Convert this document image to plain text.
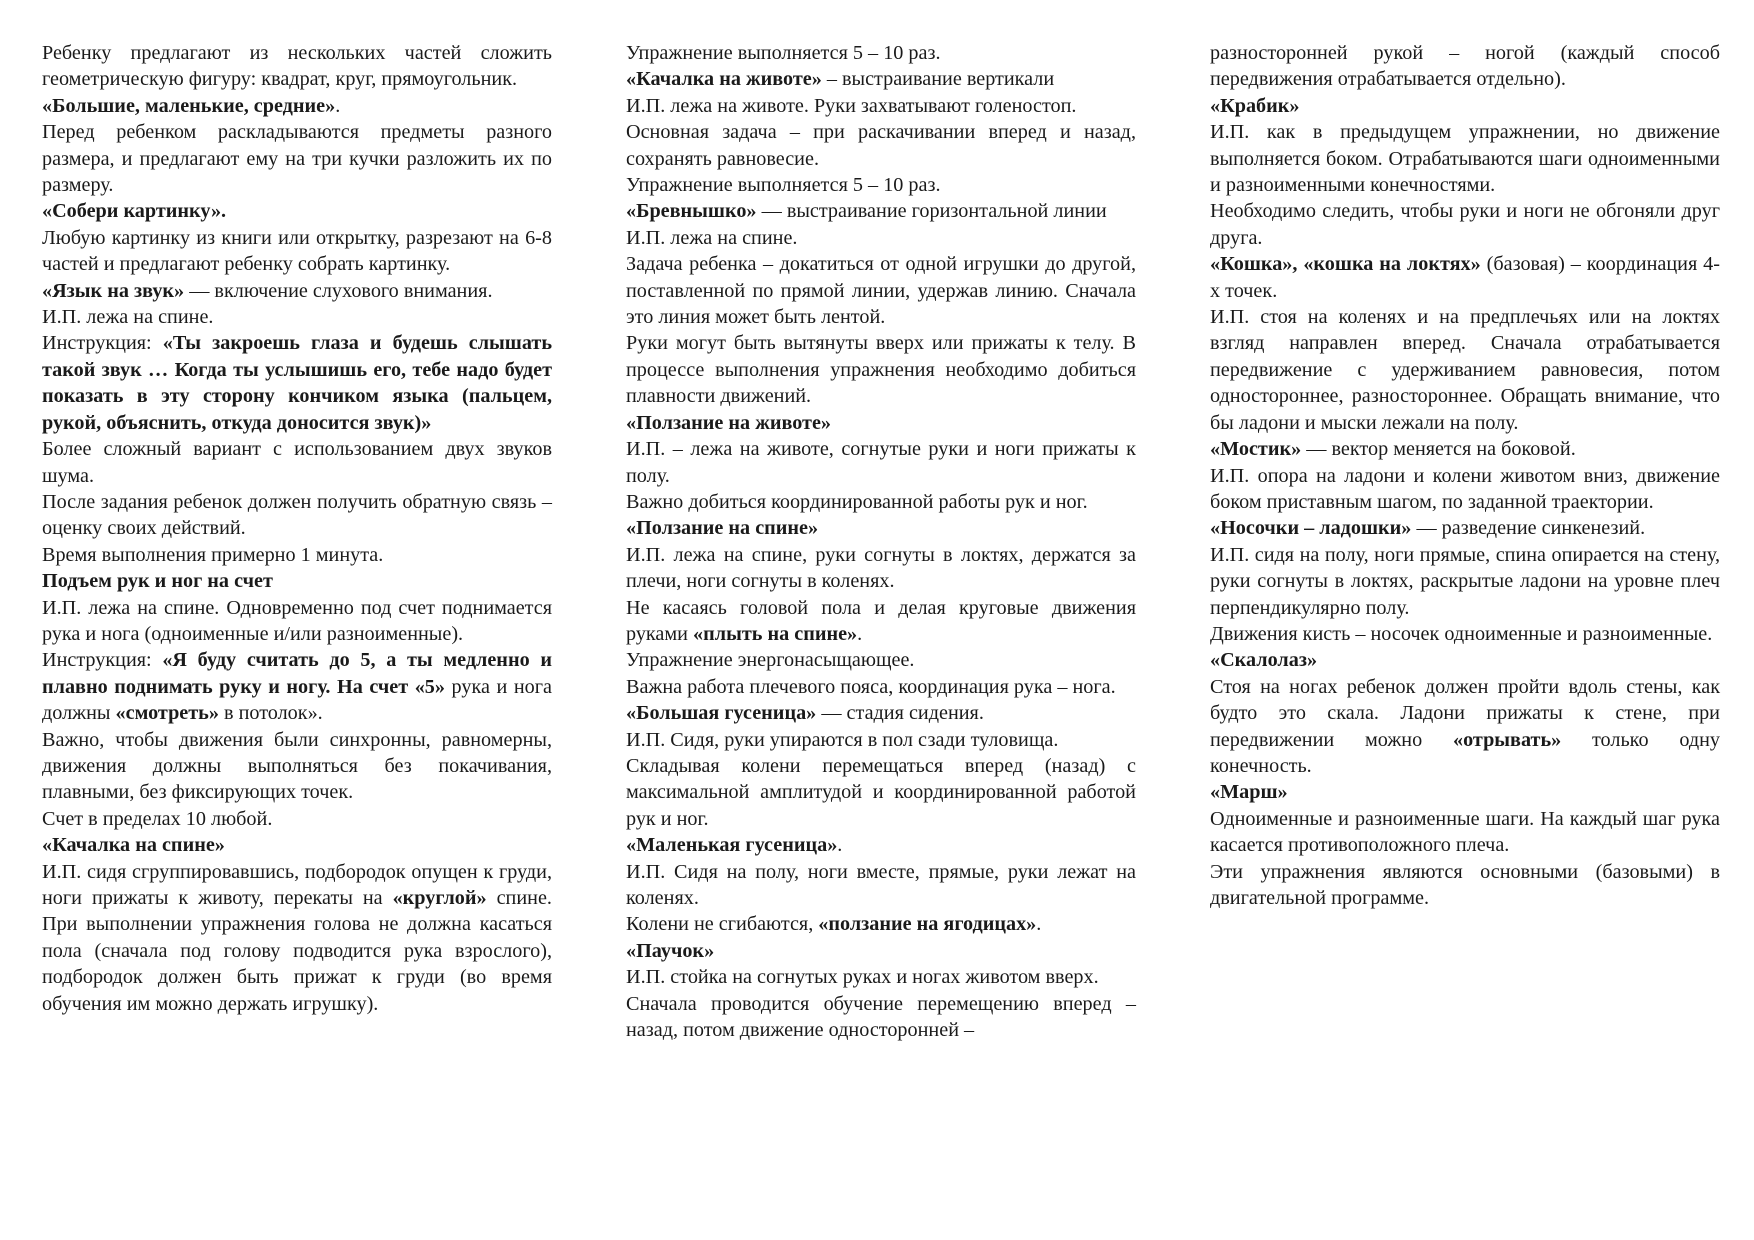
Ребенку предлагают из нескольких частей сложить геометрическую фигуру: квадрат, круг, прямоугольник.

«Большие, маленькие, средние».

Перед ребенком раскладываются предметы разного размера, и предлагают ему на три кучки разложить их по размеру.

«Собери картинку».

Любую картинку из книги или открытку, разрезают на 6-8 частей и предлагают ребенку собрать картинку.

«Язык на звук» — включение слухового внимания.

И.П. лежа на спине.

Инструкция: «Ты закроешь глаза и будешь слышать такой звук … Когда ты услышишь его, тебе надо будет показать в эту сторону кончиком языка (пальцем, рукой, объяснить, откуда доносится звук)»

Более сложный вариант с использованием двух звуков шума.

После задания ребенок должен получить обратную связь – оценку своих действий.

Время выполнения примерно 1 минута.

Подъем рук и ног на счет

И.П. лежа на спине. Одновременно под счет поднимается рука и нога (одноименные и/или разноименные).

Инструкция: «Я буду считать до 5, а ты медленно и плавно поднимать руку и ногу. На счет «5» рука и нога должны «смотреть» в потолок».

Важно, чтобы движения были синхронны, равномерны, движения должны выполняться без покачивания, плавными, без фиксирующих точек.

Счет в пределах 10 любой.

«Качалка на спине»

И.П. сидя сгруппировавшись, подбородок опущен к груди, ноги прижаты к животу, перекаты на «круглой» спине. При выполнении упражнения голова не должна касаться пола (сначала под голову подводится рука взрослого), подбородок должен быть прижат к груди (во время обучения им можно держать игрушку).

Упражнение выполняется 5 – 10 раз.

«Качалка на животе» – выстраивание вертикали

И.П. лежа на животе. Руки захватывают голеностоп.

Основная задача – при раскачивании вперед и назад, сохранять равновесие.

Упражнение выполняется 5 – 10 раз.

«Бревнышко» — выстраивание горизонтальной линии

И.П. лежа на спине.

Задача ребенка – докатиться от одной игрушки до другой, поставленной по прямой линии, удержав линию. Сначала это линия может быть лентой.

Руки могут быть вытянуты вверх или прижаты к телу. В процессе выполнения упражнения необходимо добиться плавности движений.

«Ползание на животе»

И.П. – лежа на животе, согнутые руки и ноги прижаты к полу.

Важно добиться координированной работы рук и ног.

«Ползание на спине»

И.П. лежа на спине, руки согнуты в локтях, держатся за плечи, ноги согнуты в коленях.

Не касаясь головой пола и делая круговые движения руками «плыть на спине».

Упражнение энергонасыщающее.

Важна работа плечевого пояса, координация рука – нога.

«Большая гусеница» — стадия сидения.

И.П. Сидя, руки упираются в пол сзади туловища.

Складывая колени перемещаться вперед (назад) с максимальной амплитудой и координированной работой рук и ног.

«Маленькая гусеница».

И.П. Сидя на полу, ноги вместе, прямые, руки лежат на коленях.

Колени не сгибаются, «ползание на ягодицах».

«Паучок»

И.П. стойка на согнутых руках и ногах животом вверх.

Сначала проводится обучение перемещению вперед – назад, потом движение односторонней –

разносторонней рукой – ногой (каждый способ передвижения отрабатывается отдельно).

«Крабик»

И.П. как в предыдущем упражнении, но движение выполняется боком. Отрабатываются шаги одноименными и разноименными конечностями.

Необходимо следить, чтобы руки и ноги не обгоняли друг друга.

«Кошка», «кошка на локтях» (базовая) – координация 4-х точек.

И.П. стоя на коленях и на предплечьях или на локтях взгляд направлен вперед. Сначала отрабатывается передвижение с удерживанием равновесия, потом одностороннее, разностороннее. Обращать внимание, что бы ладони и мыски лежали на полу.

«Мостик» — вектор меняется на боковой.

И.П. опора на ладони и колени животом вниз, движение боком приставным шагом, по заданной траектории.

«Носочки – ладошки» — разведение синкенезий.

И.П. сидя на полу, ноги прямые, спина опирается на стену, руки согнуты в локтях, раскрытые ладони на уровне плеч перпендикулярно полу.

Движения кисть – носочек одноименные и разноименные.

«Скалолаз»

Стоя на ногах ребенок должен пройти вдоль стены, как будто это скала. Ладони прижаты к стене, при передвижении можно «отрывать» только одну конечность.

«Марш»

Одноименные и разноименные шаги. На каждый шаг рука касается противоположного плеча.

Эти упражнения являются основными (базовыми) в двигательной программе.
